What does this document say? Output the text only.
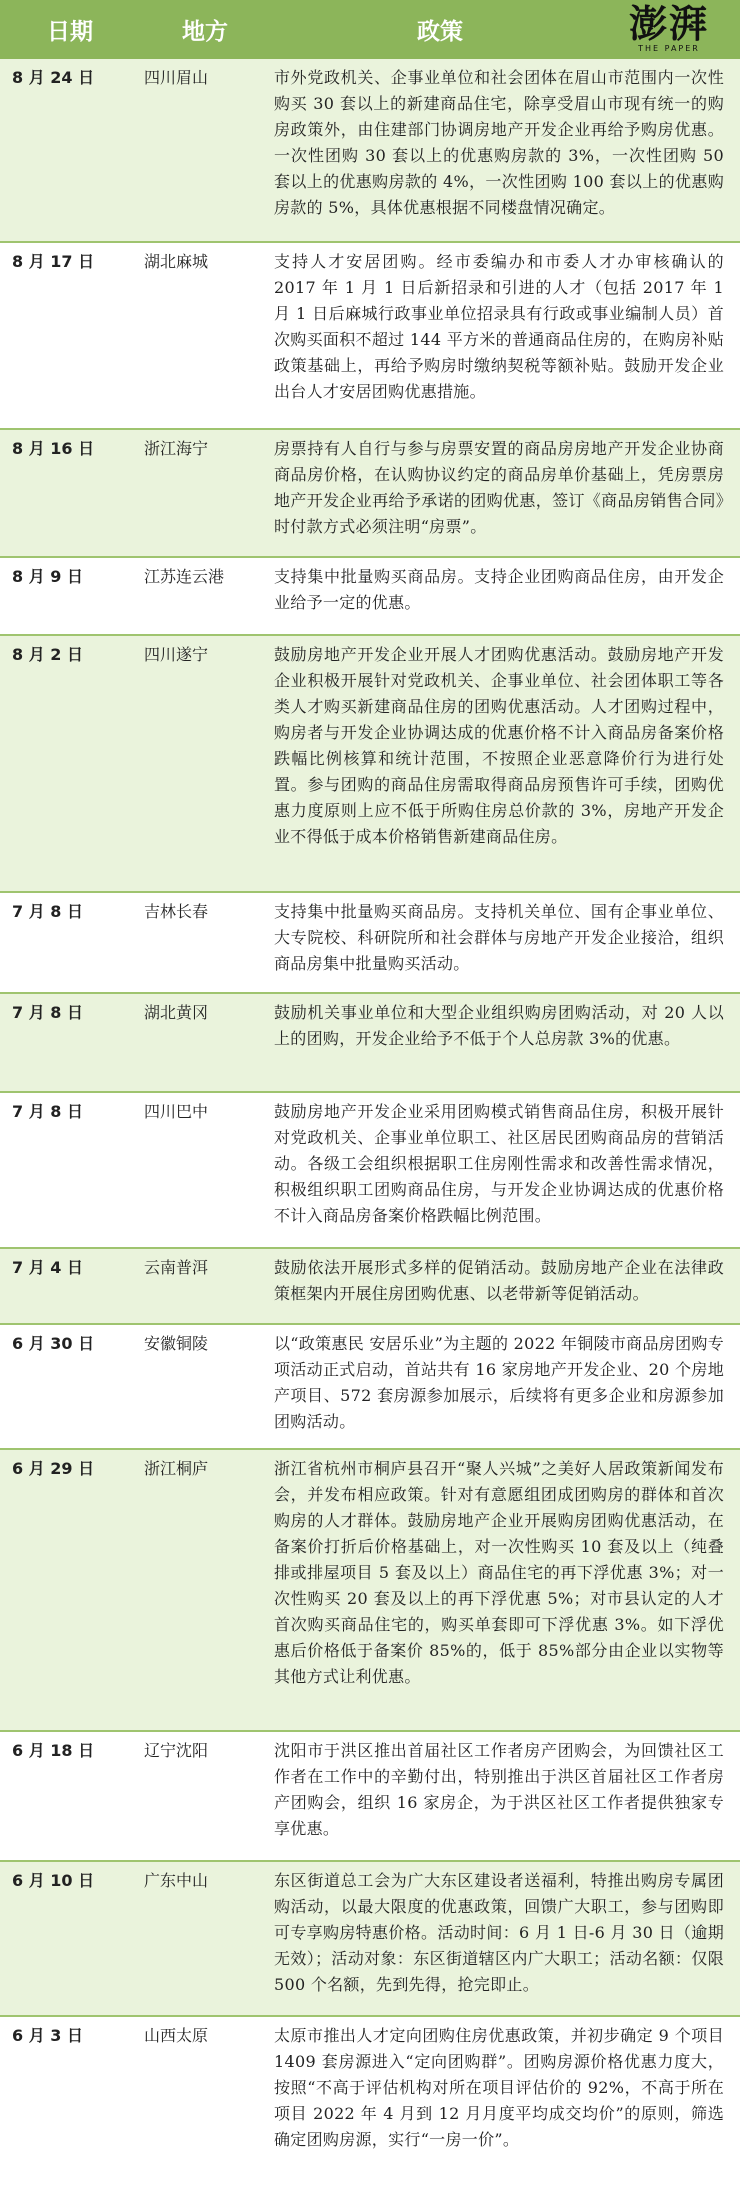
日期	地方	政策	澎湃
THE PAPER
8 月 24 日	四川眉山	市外党政机关、企事业单位和社会团体在眉山市范围内一次性购买 30 套以上的新建商品住宅，除享受眉山市现有统一的购房政策外，由住建部门协调房地产开发企业再给予购房优惠。一次性团购 30 套以上的优惠购房款的 3%，一次性团购 50 套以上的优惠购房款的 4%，一次性团购 100 套以上的优惠购房款的 5%，具体优惠根据不同楼盘情况确定。
8 月 17 日	湖北麻城	支持人才安居团购。经市委编办和市委人才办审核确认的 2017 年 1 月 1 日后新招录和引进的人才（包括 2017 年 1 月 1 日后麻城行政事业单位招录具有行政或事业编制人员）首次购买面积不超过 144 平方米的普通商品住房的，在购房补贴政策基础上，再给予购房时缴纳契税等额补贴。鼓励开发企业出台人才安居团购优惠措施。
8 月 16 日	浙江海宁	房票持有人自行与参与房票安置的商品房房地产开发企业协商商品房价格，在认购协议约定的商品房单价基础上，凭房票房地产开发企业再给予承诺的团购优惠，签订《商品房销售合同》时付款方式必须注明“房票”。
8 月 9 日	江苏连云港	支持集中批量购买商品房。支持企业团购商品住房，由开发企业给予一定的优惠。
8 月 2 日	四川遂宁	鼓励房地产开发企业开展人才团购优惠活动。鼓励房地产开发企业积极开展针对党政机关、企事业单位、社会团体职工等各类人才购买新建商品住房的团购优惠活动。人才团购过程中，购房者与开发企业协调达成的优惠价格不计入商品房备案价格跌幅比例核算和统计范围，不按照企业恶意降价行为进行处置。参与团购的商品住房需取得商品房预售许可手续，团购优惠力度原则上应不低于所购住房总价款的 3%，房地产开发企业不得低于成本价格销售新建商品住房。
7 月 8 日	吉林长春	支持集中批量购买商品房。支持机关单位、国有企事业单位、大专院校、科研院所和社会群体与房地产开发企业接洽，组织商品房集中批量购买活动。
7 月 8 日	湖北黄冈	鼓励机关事业单位和大型企业组织购房团购活动，对 20 人以上的团购，开发企业给予不低于个人总房款 3%的优惠。
7 月 8 日	四川巴中	鼓励房地产开发企业采用团购模式销售商品住房，积极开展针对党政机关、企事业单位职工、社区居民团购商品房的营销活动。各级工会组织根据职工住房刚性需求和改善性需求情况，积极组织职工团购商品住房，与开发企业协调达成的优惠价格不计入商品房备案价格跌幅比例范围。
7 月 4 日	云南普洱	鼓励依法开展形式多样的促销活动。鼓励房地产企业在法律政策框架内开展住房团购优惠、以老带新等促销活动。
6 月 30 日	安徽铜陵	以“政策惠民 安居乐业”为主题的 2022 年铜陵市商品房团购专项活动正式启动，首站共有 16 家房地产开发企业、20 个房地产项目、572 套房源参加展示，后续将有更多企业和房源参加团购活动。
6 月 29 日	浙江桐庐	浙江省杭州市桐庐县召开“聚人兴城”之美好人居政策新闻发布会，并发布相应政策。针对有意愿组团成团购房的群体和首次购房的人才群体。鼓励房地产企业开展购房团购优惠活动，在备案价打折后价格基础上，对一次性购买 10 套及以上（纯叠排或排屋项目 5 套及以上）商品住宅的再下浮优惠 3%；对一次性购买 20 套及以上的再下浮优惠 5%；对市县认定的人才首次购买商品住宅的，购买单套即可下浮优惠 3%。如下浮优惠后价格低于备案价 85%的，低于 85%部分由企业以实物等其他方式让利优惠。
6 月 18 日	辽宁沈阳	沈阳市于洪区推出首届社区工作者房产团购会，为回馈社区工作者在工作中的辛勤付出，特别推出于洪区首届社区工作者房产团购会，组织 16 家房企，为于洪区社区工作者提供独家专享优惠。
6 月 10 日	广东中山	东区街道总工会为广大东区建设者送福利，特推出购房专属团购活动，以最大限度的优惠政策，回馈广大职工，参与团购即可专享购房特惠价格。活动时间：6 月 1 日-6 月 30 日（逾期无效）；活动对象：东区街道辖区内广大职工；活动名额：仅限 500 个名额，先到先得，抢完即止。
6 月 3 日	山西太原	太原市推出人才定向团购住房优惠政策，并初步确定 9 个项目 1409 套房源进入“定向团购群”。团购房源价格优惠力度大，按照“不高于评估机构对所在项目评估价的 92%，不高于所在项目 2022 年 4 月到 12 月月度平均成交均价”的原则，筛选确定团购房源，实行“一房一价”。
